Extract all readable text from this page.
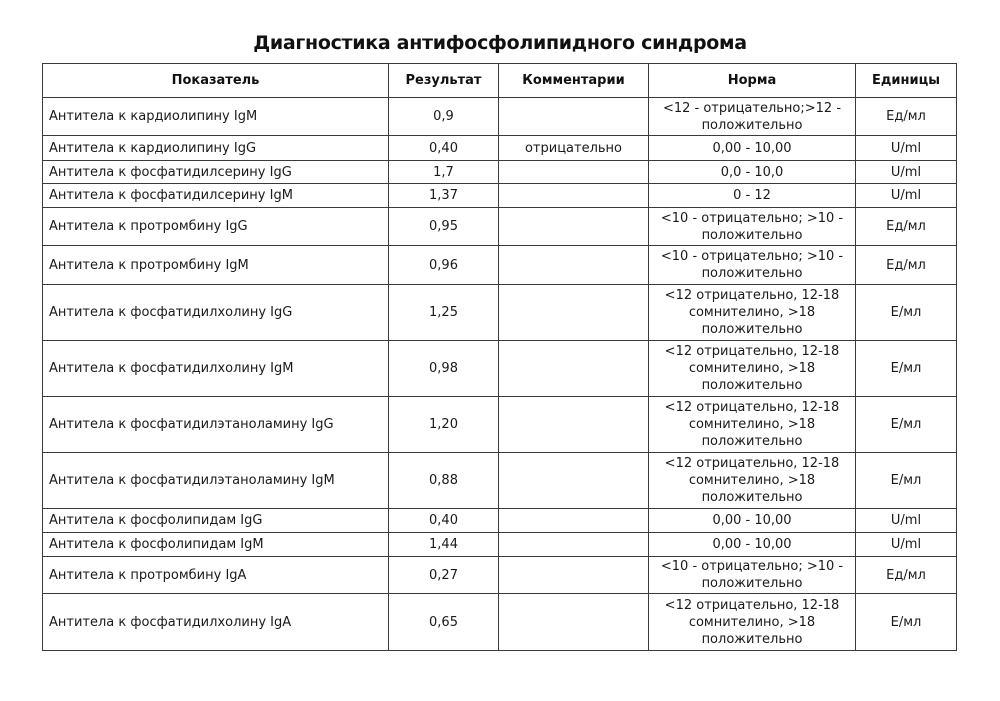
Диагностика антифосфолипидного синдрома
Показатель	Результат	Комментарии	Норма	Единицы
Антитела к кардиолипину IgM	0,9		<12 - отрицательно;>12 - положительно	Ед/мл
Антитела к кардиолипину IgG	0,40	отрицательно	0,00 - 10,00	U/ml
Антитела к фосфатидилсерину IgG	1,7		0,0 - 10,0	U/ml
Антитела к фосфатидилсерину IgM	1,37		0 - 12	U/ml
Антитела к протромбину IgG	0,95		<10 - отрицательно; >10 - положительно	Ед/мл
Антитела к протромбину IgM	0,96		<10 - отрицательно; >10 - положительно	Ед/мл
Антитела к фосфатидилхолину IgG	1,25		<12 отрицательно, 12-18 сомнителино, >18 положительно	Е/мл
Антитела к фосфатидилхолину IgM	0,98		<12 отрицательно, 12-18 сомнителино, >18 положительно	Е/мл
Антитела к фосфатидилэтаноламину IgG	1,20		<12 отрицательно, 12-18 сомнителино, >18 положительно	Е/мл
Антитела к фосфатидилэтаноламину IgM	0,88		<12 отрицательно, 12-18 сомнителино, >18 положительно	Е/мл
Антитела к фосфолипидам IgG	0,40		0,00 - 10,00	U/ml
Антитела к фосфолипидам IgM	1,44		0,00 - 10,00	U/ml
Антитела к протромбину IgA	0,27		<10 - отрицательно; >10 - положительно	Ед/мл
Антитела к фосфатидилхолину IgA	0,65		<12 отрицательно, 12-18 сомнителино, >18 положительно	Е/мл
